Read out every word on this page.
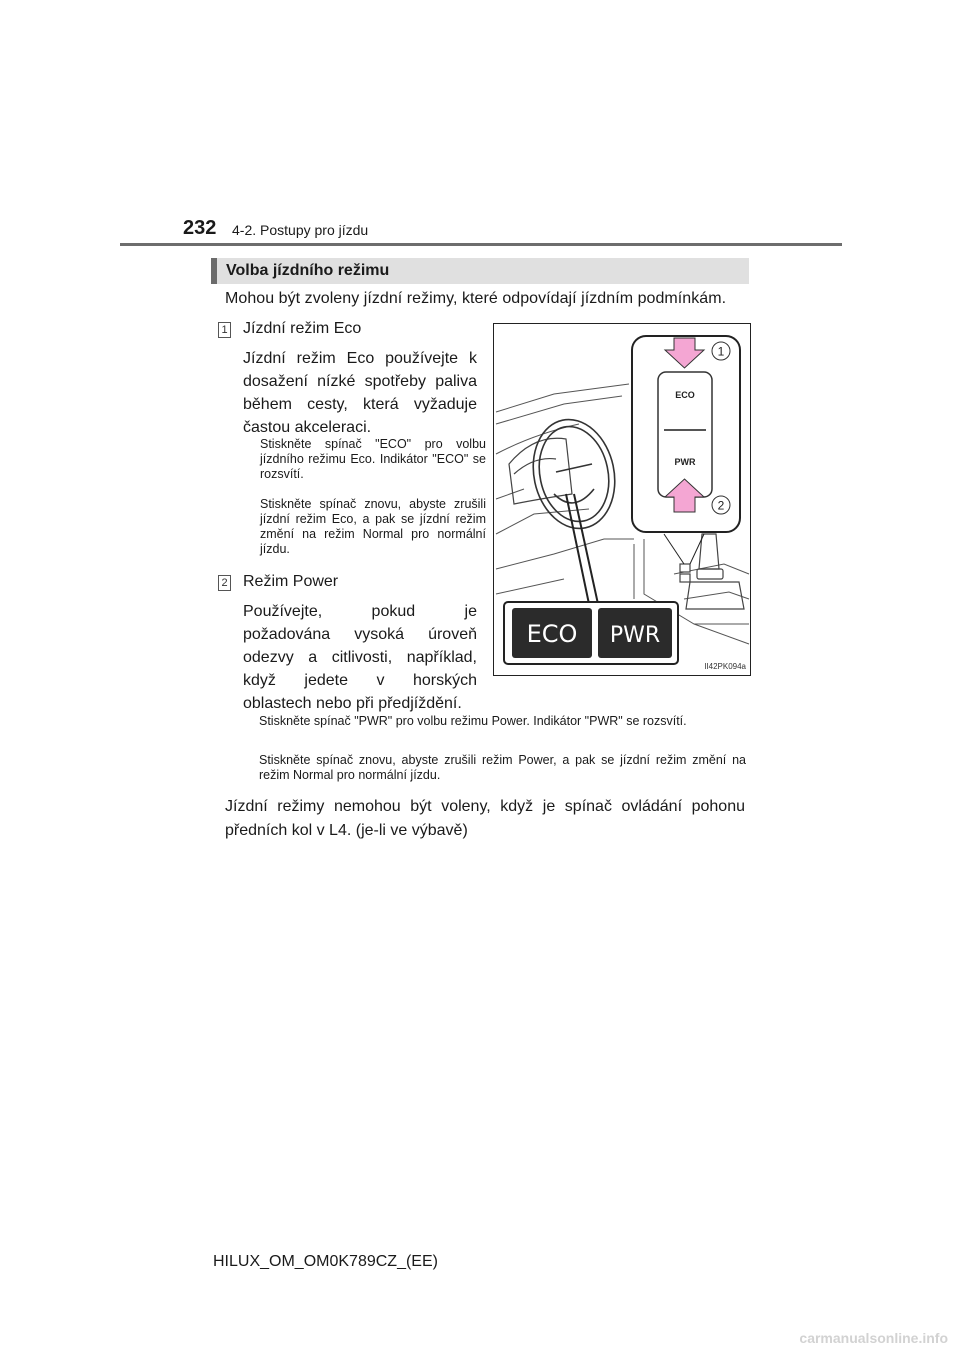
232 4-2. Postupy pro jízdu
Volba jízdního režimu
Mohou být zvoleny jízdní režimy, které odpovídají jízdním podmínkám.
1 Jízdní režim Eco
Jízdní režim Eco používejte k dosažení nízké spotřeby paliva během cesty, která vyžaduje častou akceleraci.
Stiskněte spínač "ECO" pro volbu jízdního režimu Eco. Indikátor "ECO" se rozsvítí.
Stiskněte spínač znovu, abyste zrušili jízdní režim Eco, a pak se jízdní režim změní na režim Normal pro normální jízdu.
2 Režim Power
Používejte, pokud je požadována vysoká úroveň odezvy a citlivosti, například, když jedete v horských oblastech nebo při předjíždění.
Stiskněte spínač "PWR" pro volbu režimu Power. Indikátor "PWR" se rozsvítí.
Stiskněte spínač znovu, abyste zrušili režim Power, a pak se jízdní režim změní na režim Normal pro normální jízdu.
Jízdní režimy nemohou být voleny, když je spínač ovládání pohonu předních kol v L4. (je-li ve výbavě)
ECO
PWR
1
2
ECO PWR
II42PK094a
HILUX_OM_OM0K789CZ_(EE)
carmanualsonline.info
